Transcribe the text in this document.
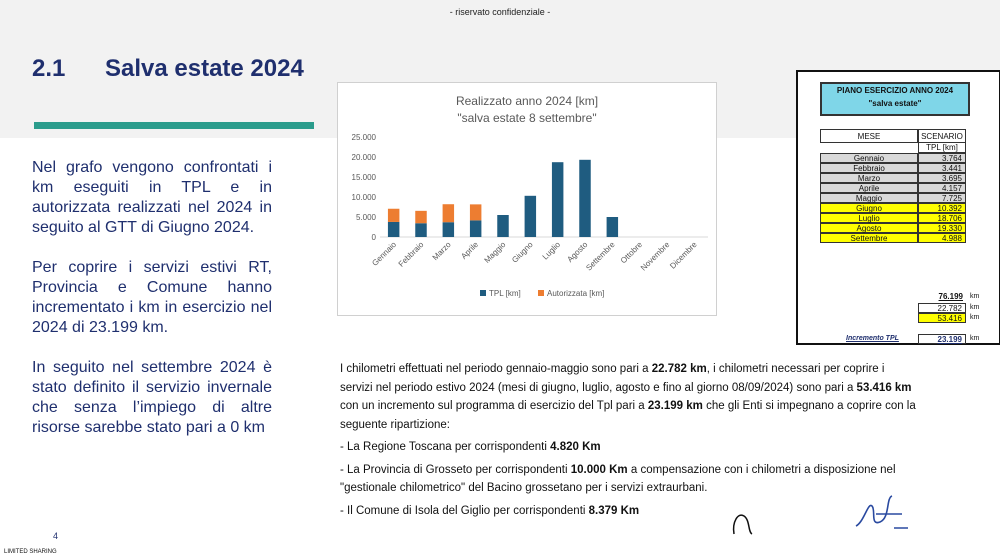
- riservato confidenziale -
2.1 Salva estate 2024

Nel grafo vengono confrontati i km eseguiti in TPL e in autorizzata realizzati nel 2024 in seguito al GTT di Giugno 2024.

Per coprire i servizi estivi RT, Provincia e Comune hanno incrementato i km in esercizio nel 2024 di 23.199 km.

In seguito nel settembre 2024 è stato definito il servizio invernale che senza l’impiego di altre risorse sarebbe stato pari a 0 km

Realizzato anno 2024 [km]
"salva estate 8 settembre"
0
5.000
10.000
15.000
20.000
25.000
Gennaio
Febbraio Marzo Aprile Maggio Giugno Luglio Agosto
Settembre Ottobre
Novembre
Dicembre
TPL [km]	Autorizzata [km]
PIANO ESERCIZIO ANNO 2024
"salva estate"
MESE	SCENARIO
TPL [km]
Gennaio	3.764
Febbraio	3.441
Marzo	3.695
Aprile	4.157
Maggio	7.725
Giugno	10.392
Luglio	18.706
Agosto	19.330
Settembre	4.988
76.199	km
22.782	km
53.416	km
Incremento TPL	23.199	km

I chilometri effettuati nel periodo gennaio-maggio sono pari a 22.782 km, i chilometri necessari per coprire i servizi nel periodo estivo 2024 (mesi di giugno, luglio, agosto e fino al giorno 08/09/2024) sono pari a 53.416 km con un incremento sul programma di esercizio del Tpl pari a 23.199 km che gli Enti si impegnano a coprire con la seguente ripartizione:

- La Regione Toscana per corrispondenti 4.820 Km

- La Provincia di Grosseto per corrispondenti 10.000 Km a compensazione con i chilometri a disposizione nel "gestionale chilometrico" del Bacino grossetano per i servizi extraurbani.

- Il Comune di Isola del Giglio per corrispondenti 8.379 Km

4
LIMITED SHARING
